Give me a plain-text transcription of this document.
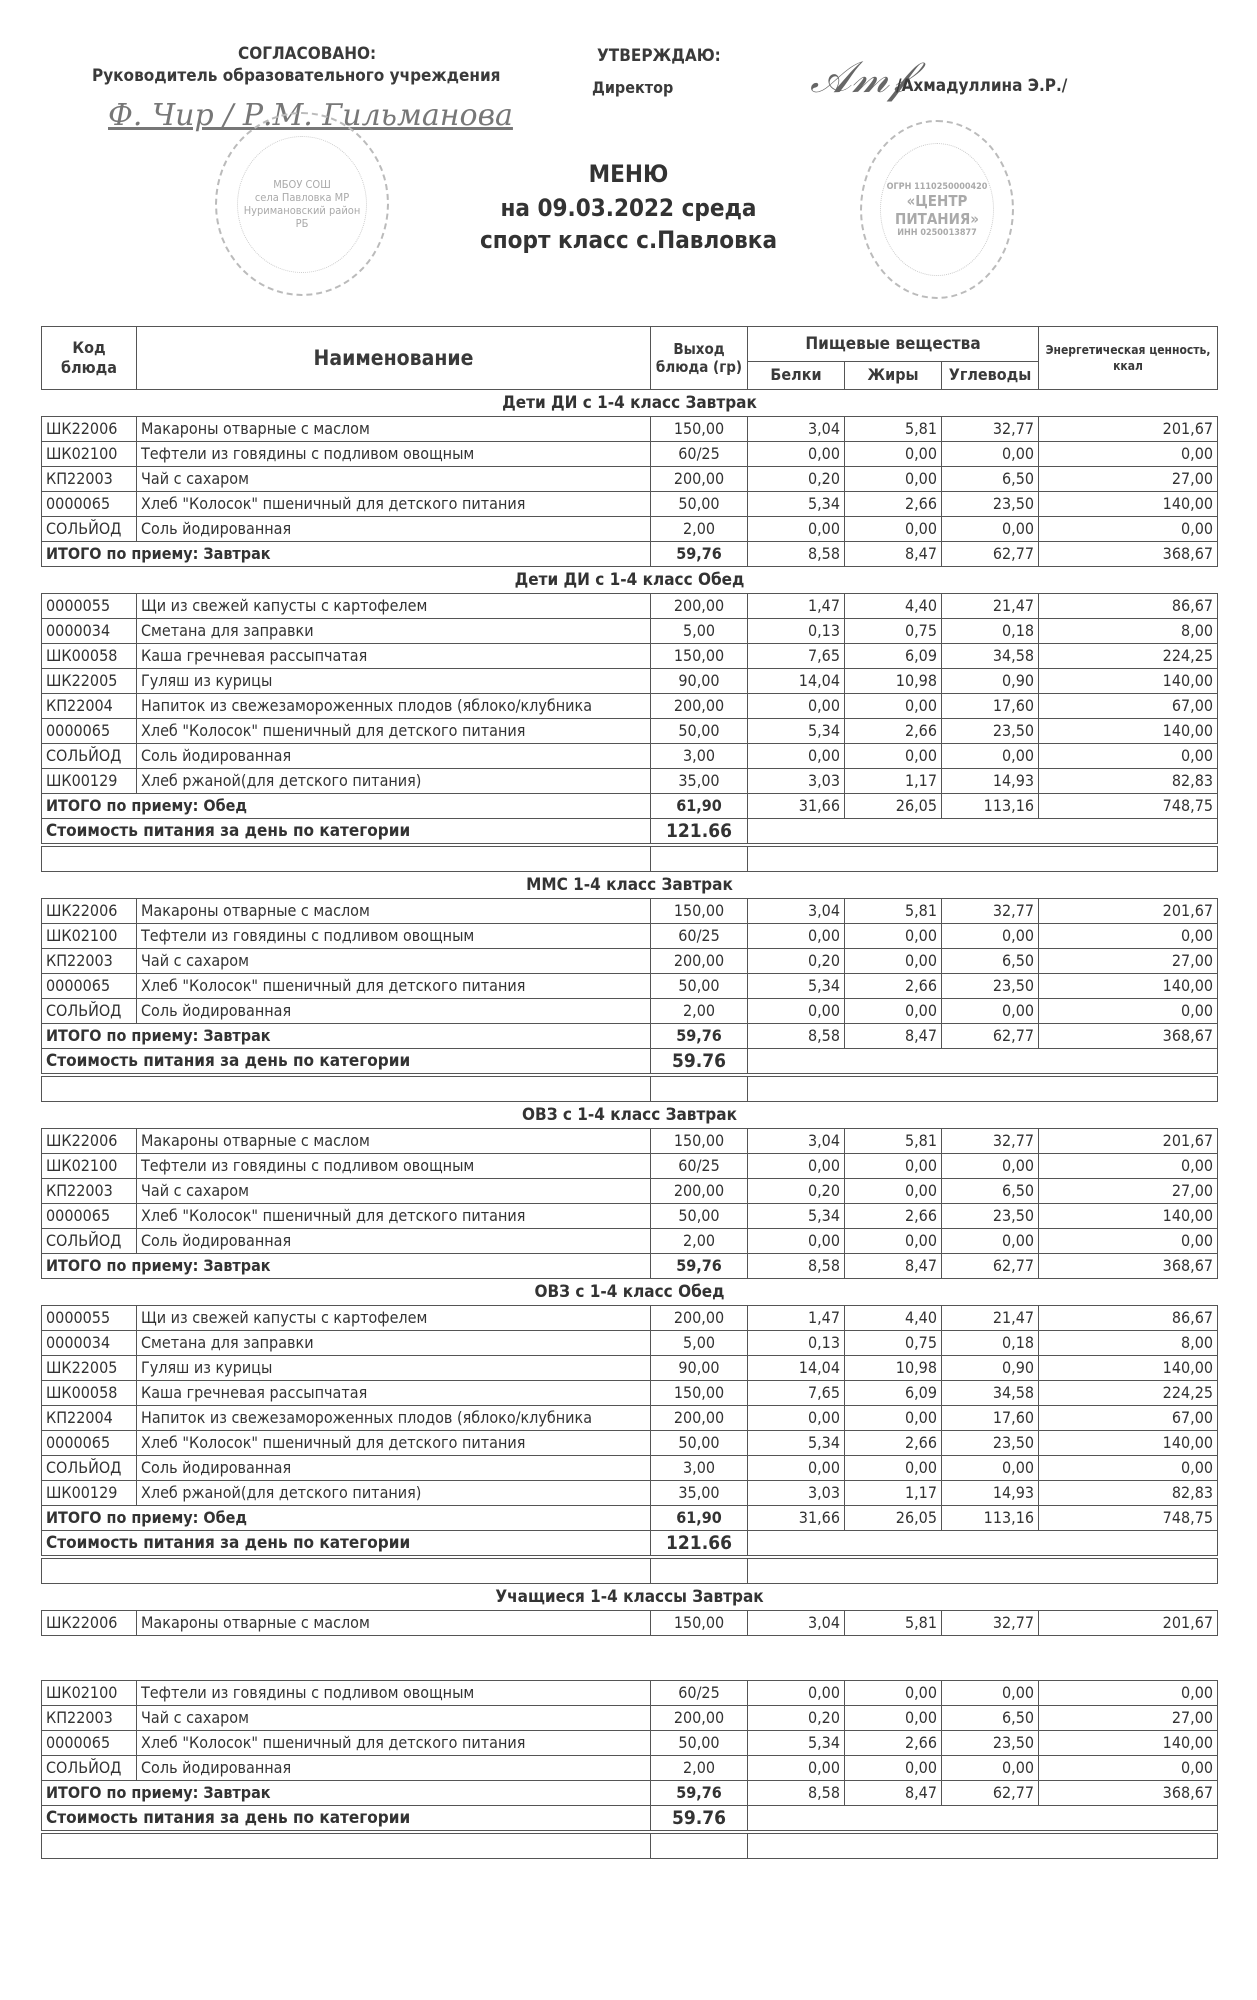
СОГЛАСОВАНО:
Руководитель образовательного учреждения
Ф. Чир / Р.М. Гильманова
МБОУ СОШ
села Павловка МР
Нуримановский район
РБ
УТВЕРЖДАЮ:
Директор	𝒜𝓂𝒻
/Ахмадуллина Э.Р./
ОГРН 1110250000420
«ЦЕНТР
ПИТАНИЯ»
ИНН 0250013877
МЕНЮ
на 09.03.2022 среда
спорт класс с.Павловка
Код блюда	Наименование	Выход блюда (гр)	Пищевые вещества			Энергетическая ценность, ккал
			Белки	Жиры	Углеводы	
Дети ДИ с 1-4 класс Завтрак						
ШК22006	Макароны отварные с маслом	150,00	3,04	5,81	32,77	201,67
ШК02100	Тефтели из говядины с подливом овощным	60/25	0,00	0,00	0,00	0,00
КП22003	Чай с сахаром	200,00	0,20	0,00	6,50	27,00
0000065	Хлеб "Колосок" пшеничный для детского питания	50,00	5,34	2,66	23,50	140,00
СОЛЬЙОД	Соль йодированная	2,00	0,00	0,00	0,00	0,00
ИТОГО по приему: Завтрак		59,76	8,58	8,47	62,77	368,67
Дети ДИ с 1-4 класс Обед						
0000055	Щи из свежей капусты с картофелем	200,00	1,47	4,40	21,47	86,67
0000034	Сметана для заправки	5,00	0,13	0,75	0,18	8,00
ШК00058	Каша гречневая рассыпчатая	150,00	7,65	6,09	34,58	224,25
ШК22005	Гуляш из курицы	90,00	14,04	10,98	0,90	140,00
КП22004	Напиток из свежезамороженных плодов (яблоко/клубника	200,00	0,00	0,00	17,60	67,00
0000065	Хлеб "Колосок" пшеничный для детского питания	50,00	5,34	2,66	23,50	140,00
СОЛЬЙОД	Соль йодированная	3,00	0,00	0,00	0,00	0,00
ШК00129	Хлеб ржаной(для детского питания)	35,00	3,03	1,17	14,93	82,83
ИТОГО по приему: Обед		61,90	31,66	26,05	113,16	748,75
Стоимость питания за день по категории		121.66				

ММС 1-4 класс Завтрак						
ШК22006	Макароны отварные с маслом	150,00	3,04	5,81	32,77	201,67
ШК02100	Тефтели из говядины с подливом овощным	60/25	0,00	0,00	0,00	0,00
КП22003	Чай с сахаром	200,00	0,20	0,00	6,50	27,00
0000065	Хлеб "Колосок" пшеничный для детского питания	50,00	5,34	2,66	23,50	140,00
СОЛЬЙОД	Соль йодированная	2,00	0,00	0,00	0,00	0,00
ИТОГО по приему: Завтрак		59,76	8,58	8,47	62,77	368,67
Стоимость питания за день по категории		59.76				

ОВЗ с 1-4 класс Завтрак						
ШК22006	Макароны отварные с маслом	150,00	3,04	5,81	32,77	201,67
ШК02100	Тефтели из говядины с подливом овощным	60/25	0,00	0,00	0,00	0,00
КП22003	Чай с сахаром	200,00	0,20	0,00	6,50	27,00
0000065	Хлеб "Колосок" пшеничный для детского питания	50,00	5,34	2,66	23,50	140,00
СОЛЬЙОД	Соль йодированная	2,00	0,00	0,00	0,00	0,00
ИТОГО по приему: Завтрак		59,76	8,58	8,47	62,77	368,67
ОВЗ с 1-4 класс Обед						
0000055	Щи из свежей капусты с картофелем	200,00	1,47	4,40	21,47	86,67
0000034	Сметана для заправки	5,00	0,13	0,75	0,18	8,00
ШК22005	Гуляш из курицы	90,00	14,04	10,98	0,90	140,00
ШК00058	Каша гречневая рассыпчатая	150,00	7,65	6,09	34,58	224,25
КП22004	Напиток из свежезамороженных плодов (яблоко/клубника	200,00	0,00	0,00	17,60	67,00
0000065	Хлеб "Колосок" пшеничный для детского питания	50,00	5,34	2,66	23,50	140,00
СОЛЬЙОД	Соль йодированная	3,00	0,00	0,00	0,00	0,00
ШК00129	Хлеб ржаной(для детского питания)	35,00	3,03	1,17	14,93	82,83
ИТОГО по приему: Обед		61,90	31,66	26,05	113,16	748,75
Стоимость питания за день по категории		121.66				

Учащиеся 1-4 классы Завтрак						
ШК22006	Макароны отварные с маслом	150,00	3,04	5,81	32,77	201,67

ШК02100	Тефтели из говядины с подливом овощным	60/25	0,00	0,00	0,00	0,00
КП22003	Чай с сахаром	200,00	0,20	0,00	6,50	27,00
0000065	Хлеб "Колосок" пшеничный для детского питания	50,00	5,34	2,66	23,50	140,00
СОЛЬЙОД	Соль йодированная	2,00	0,00	0,00	0,00	0,00
ИТОГО по приему: Завтрак		59,76	8,58	8,47	62,77	368,67
Стоимость питания за день по категории		59.76				
